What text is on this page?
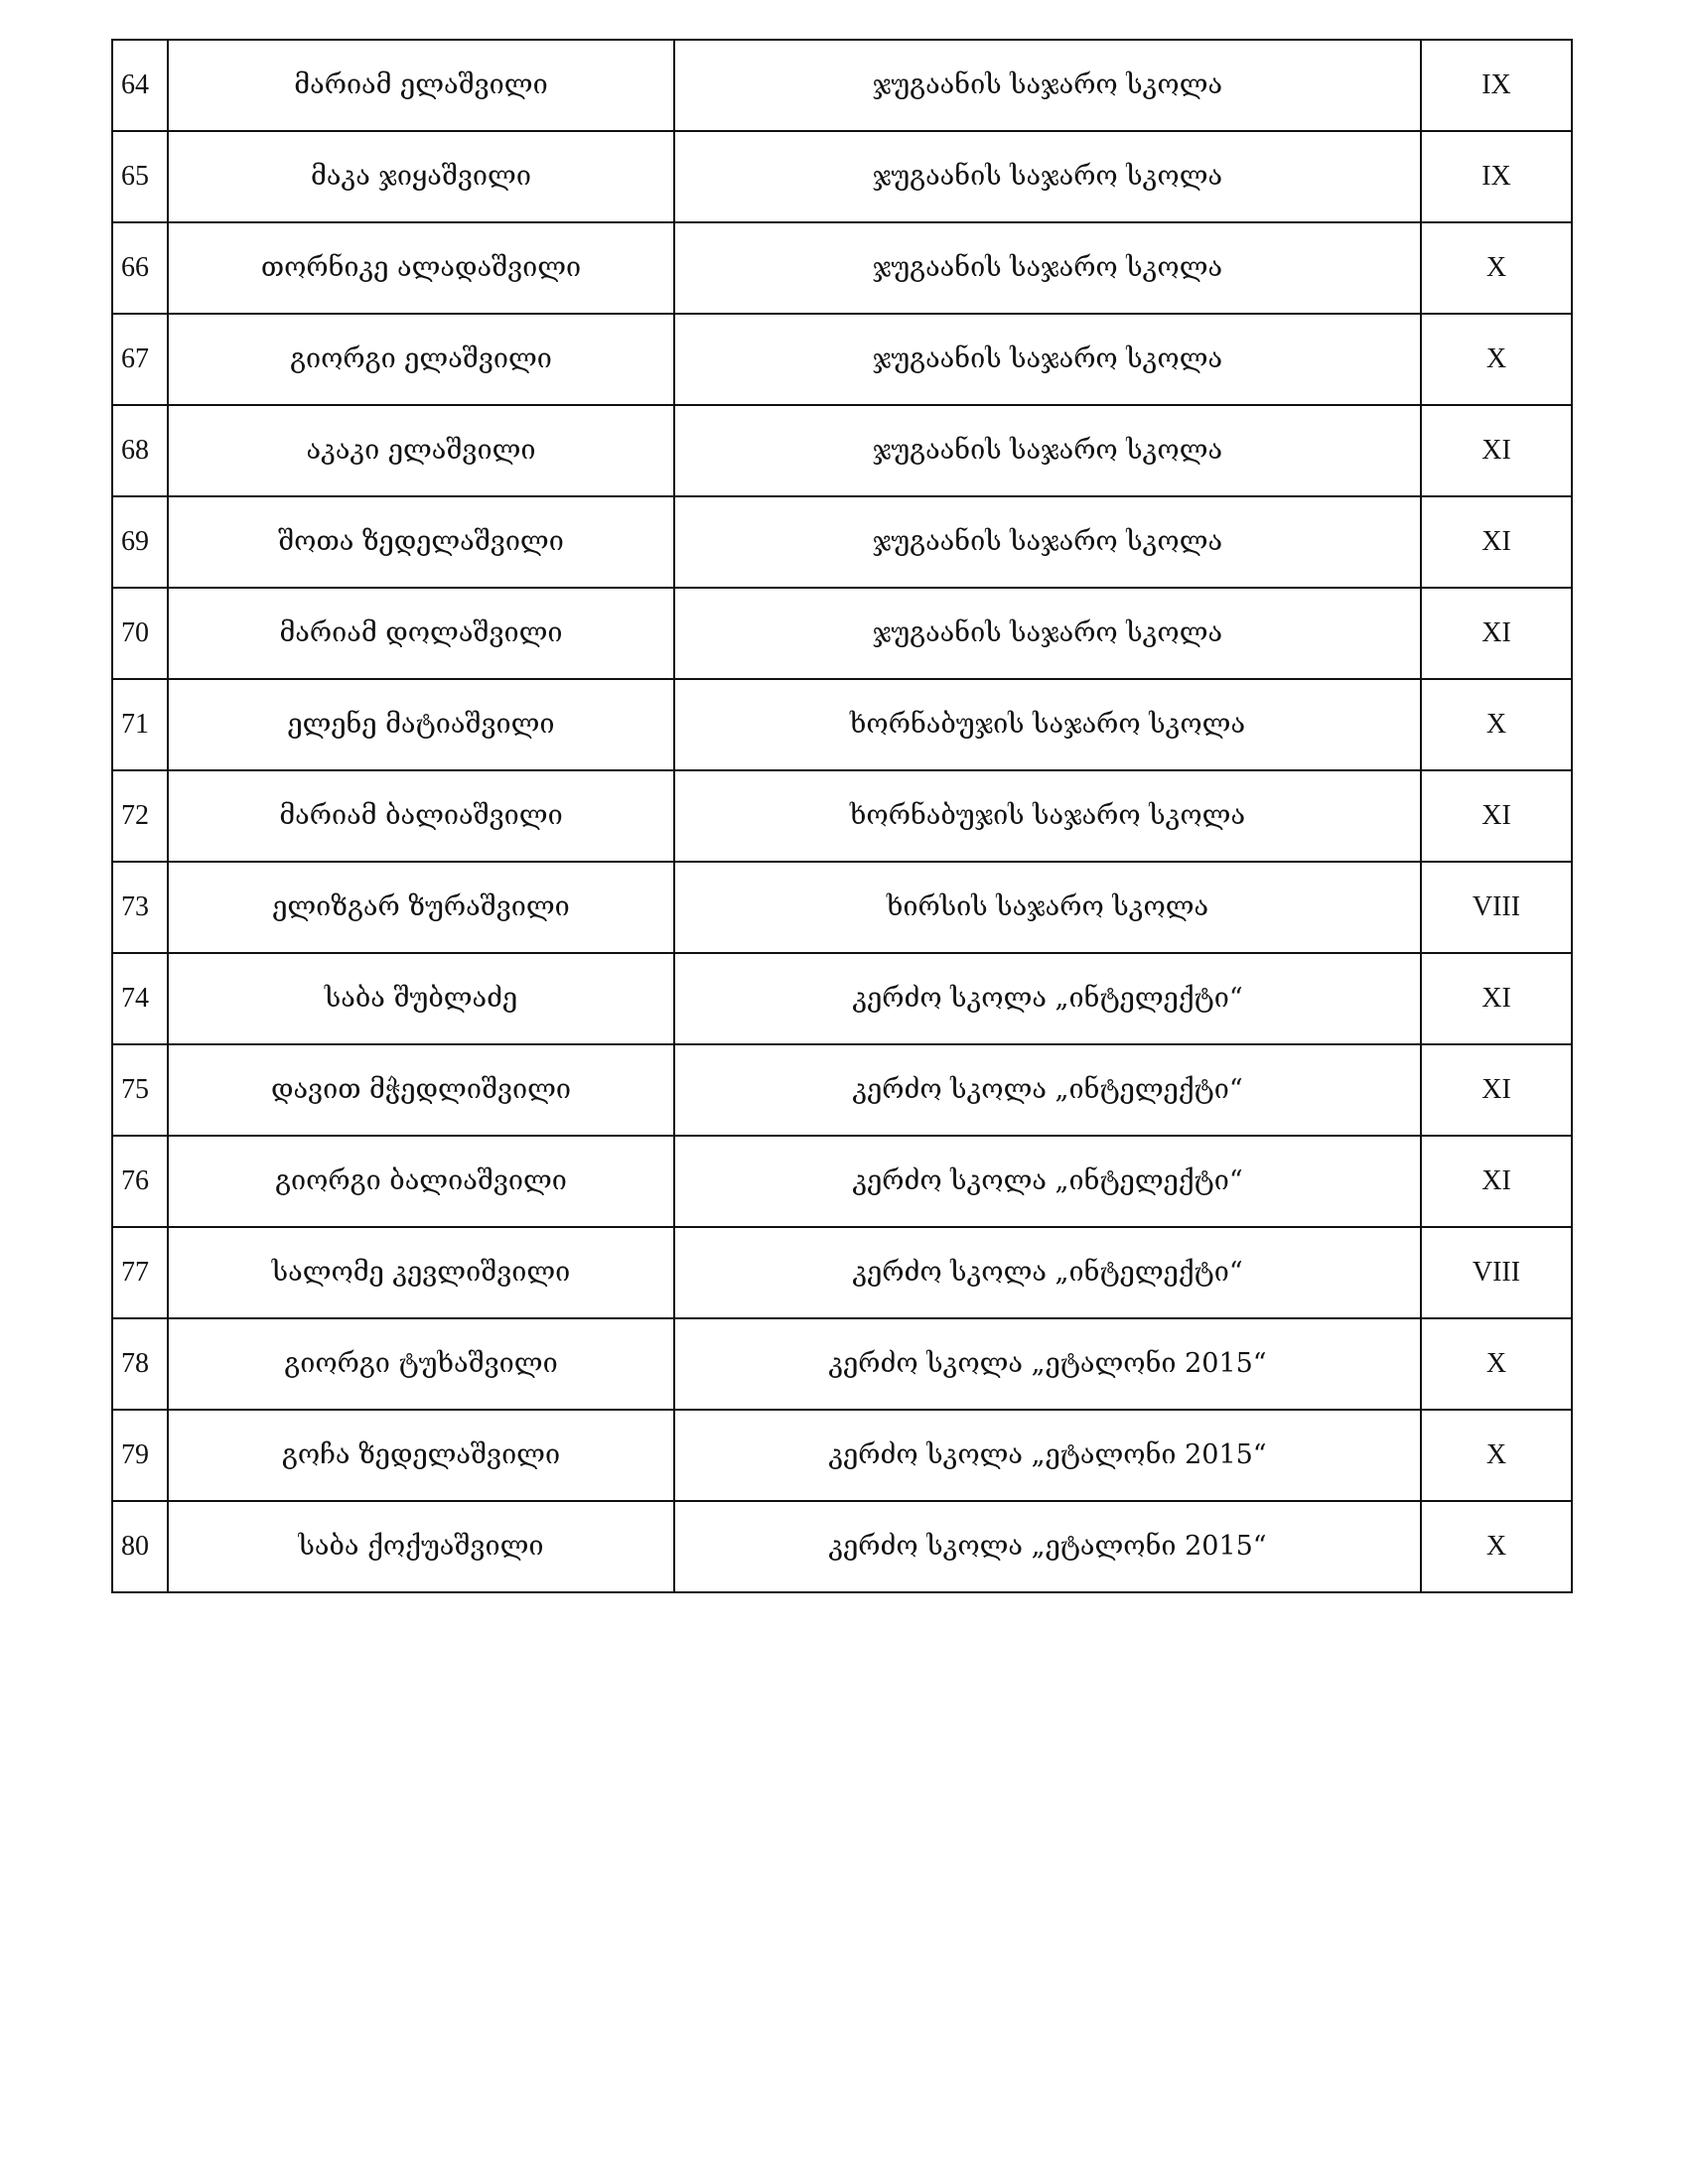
64	მარიამ ელაშვილი	ჯუგაანის საჯარო სკოლა	IX
65	მაკა ჯიყაშვილი	ჯუგაანის საჯარო სკოლა	IX
66	თორნიკე ალადაშვილი	ჯუგაანის საჯარო სკოლა	X
67	გიორგი ელაშვილი	ჯუგაანის საჯარო სკოლა	X
68	აკაკი ელაშვილი	ჯუგაანის საჯარო სკოლა	XI
69	შოთა ზედელაშვილი	ჯუგაანის საჯარო სკოლა	XI
70	მარიამ დოლაშვილი	ჯუგაანის საჯარო სკოლა	XI
71	ელენე მატიაშვილი	ხორნაბუჯის საჯარო სკოლა	X
72	მარიამ ბალიაშვილი	ხორნაბუჯის საჯარო სკოლა	XI
73	ელიზგარ ზურაშვილი	ხირსის საჯარო სკოლა	VIII
74	საბა შუბლაძე	კერძო სკოლა „ინტელექტი“	XI
75	დავით მჭედლიშვილი	კერძო სკოლა „ინტელექტი“	XI
76	გიორგი ბალიაშვილი	კერძო სკოლა „ინტელექტი“	XI
77	სალომე კევლიშვილი	კერძო სკოლა „ინტელექტი“	VIII
78	გიორგი ტუხაშვილი	კერძო სკოლა „ეტალონი 2015“	X
79	გოჩა ზედელაშვილი	კერძო სკოლა „ეტალონი 2015“	X
80	საბა ქოქუაშვილი	კერძო სკოლა „ეტალონი 2015“	X
